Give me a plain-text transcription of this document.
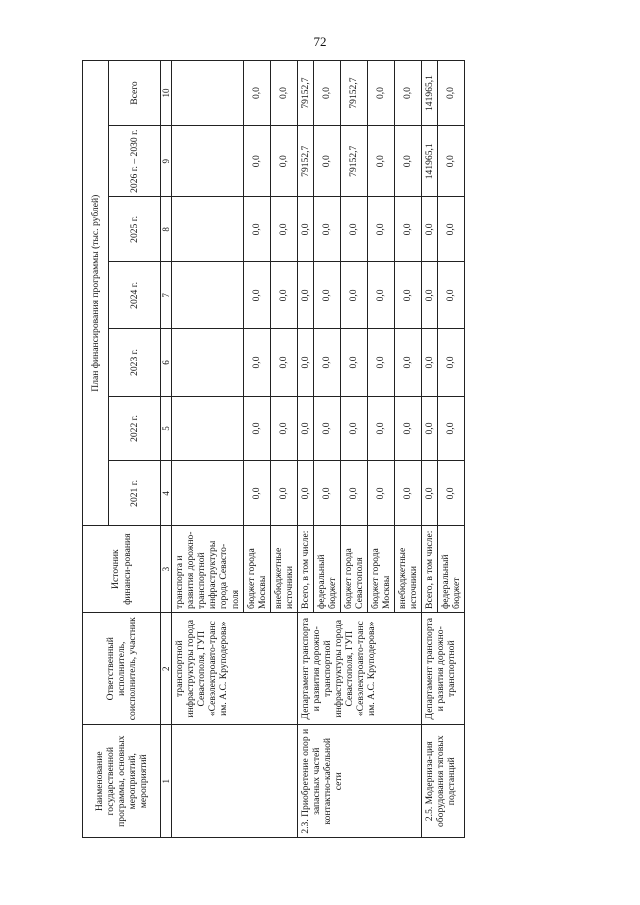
72
Наименование государственной программы, основных мероприятий, мероприятий	Ответственный исполнитель, соисполнитель, участник	Источник финанси-рования	План финансирования программы (тыс. рублей)						
			2021 г.	2022 г.	2023 г.	2024 г.	2025 г.	2026 г. – 2030 г.	Всего
1	2	3	4	5	6	7	8	9	10
	транспортной инфраструктуры города Севастополя, ГУП «Севэлектроавто-транс им. А.С. Круподерова»	транспорта и развития дорожно-транспортной инфраструктуры города Севасто-поля							
		бюджет города Москвы	0,0	0,0	0,0	0,0	0,0	0,0	0,0
		внебюджетные источники	0,0	0,0	0,0	0,0	0,0	0,0	0,0
2.3. Приобретение опор и запасных частей контактно-кабельной сети	Департамент транспорта и развития дорожно-транспортной инфраструктуры города Севастополя, ГУП «Севэлектроавто-транс им. А.С. Круподерова»	Всего, в том числе:	0,0	0,0	0,0	0,0	0,0	79152,7	79152,7
		федеральный бюджет	0,0	0,0	0,0	0,0	0,0	0,0	0,0
		бюджет города Севастополя	0,0	0,0	0,0	0,0	0,0	79152,7	79152,7
		бюджет города Москвы	0,0	0,0	0,0	0,0	0,0	0,0	0,0
		внебюджетные источники	0,0	0,0	0,0	0,0	0,0	0,0	0,0
2.5. Модерниза-ция оборудования тяговых подстанций	Департамент транспорта и развития дорожно-транспортной	Всего, в том числе:	0,0	0,0	0,0	0,0	0,0	141965,1	141965,1
		федеральный бюджет	0,0	0,0	0,0	0,0	0,0	0,0	0,0
